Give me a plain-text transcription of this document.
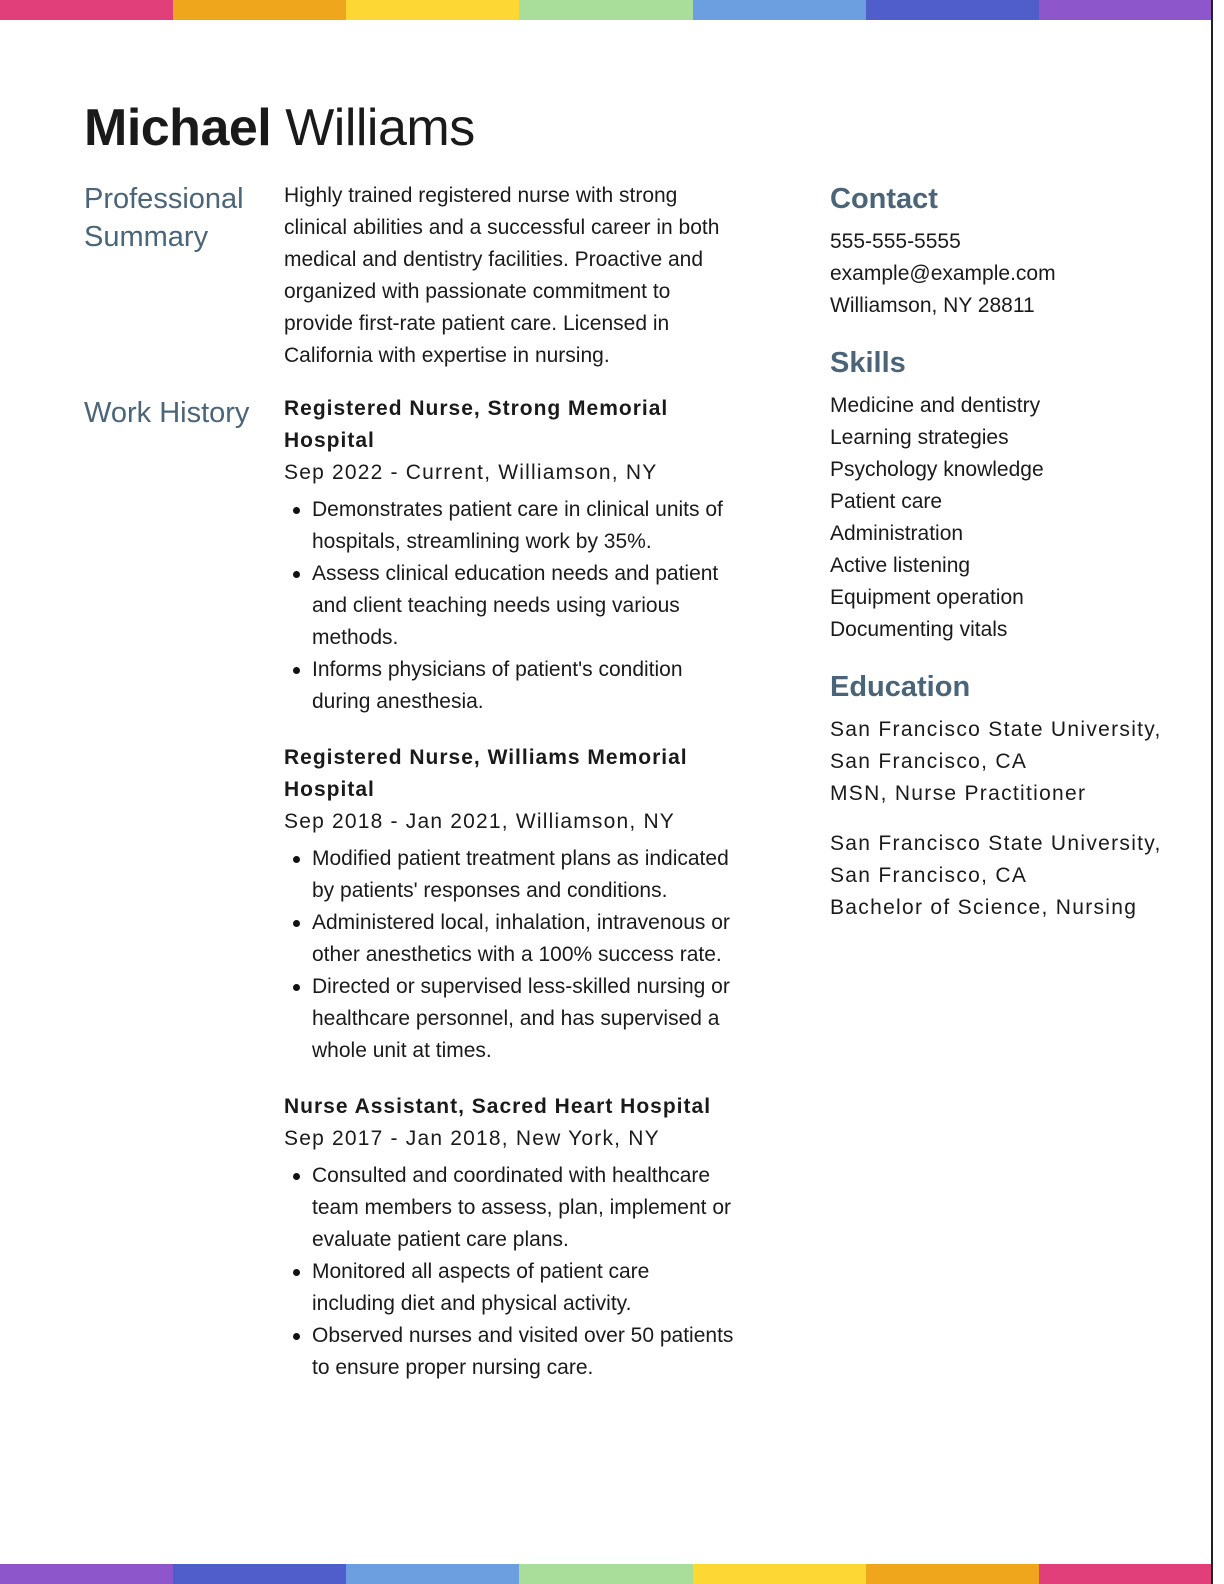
Michael Williams
Professional Summary

Highly trained registered nurse with strong clinical abilities and a successful career in both medical and dentistry facilities. Proactive and organized with passionate commitment to provide first-rate patient care. Licensed in California with expertise in nursing.

Work History Registered Nurse, Strong Memorial Hospital
Sep 2022 - Current, Williamson, NY
Demonstrates patient care in clinical units of hospitals, streamlining work by 35%.
Assess clinical education needs and patient and client teaching needs using various methods.
Informs physicians of patient's condition during anesthesia.
Registered Nurse, Williams Memorial Hospital
Sep 2018 - Jan 2021, Williamson, NY
Modified patient treatment plans as indicated by patients' responses and conditions.
Administered local, inhalation, intravenous or other anesthetics with a 100% success rate.
Directed or supervised less-skilled nursing or healthcare personnel, and has supervised a whole unit at times.
Nurse Assistant, Sacred Heart Hospital
Sep 2017 - Jan 2018, New York, NY
Consulted and coordinated with healthcare team members to assess, plan, implement or evaluate patient care plans.
Monitored all aspects of patient care including diet and physical activity.
Observed nurses and visited over 50 patients to ensure proper nursing care.
Contact
555-555-5555
example@example.com
Williamson, NY 28811
Skills
Medicine and dentistry
Learning strategies
Psychology knowledge
Patient care
Administration
Active listening
Equipment operation
Documenting vitals
Education
San Francisco State University, San Francisco, CA
MSN, Nurse Practitioner
San Francisco State University, San Francisco, CA
Bachelor of Science, Nursing
